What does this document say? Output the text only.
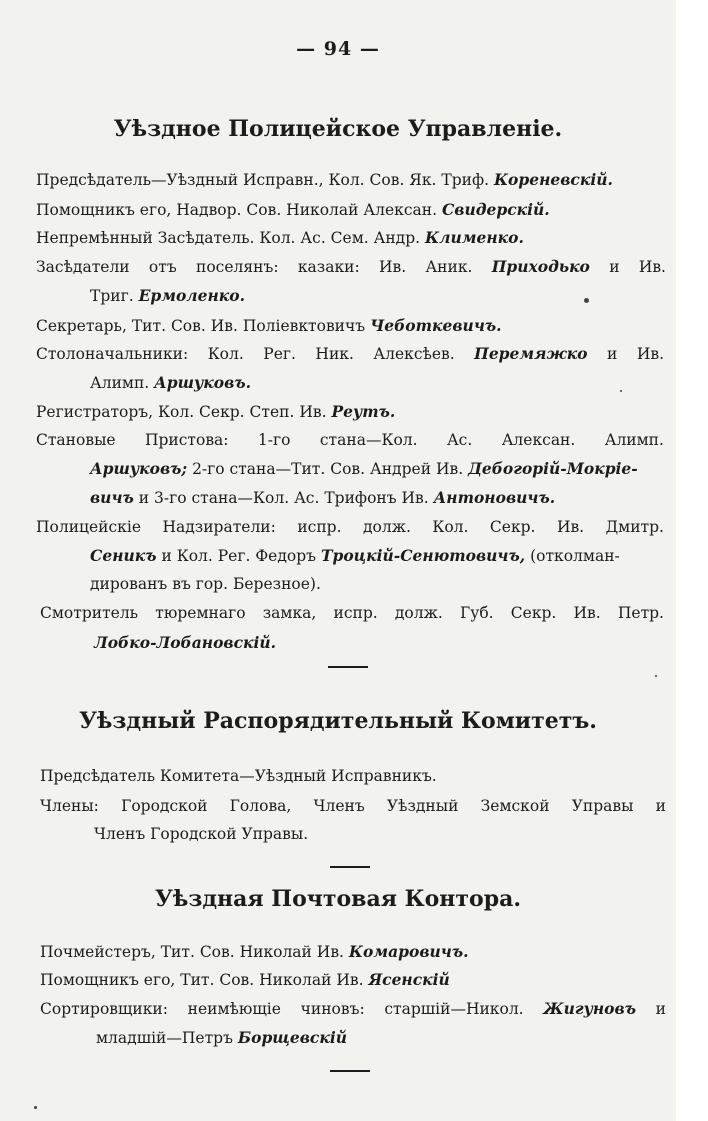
— 94 —
Уѣздное Полицейское Управленіе.
Предсѣдатель—Уѣздный Исправн., Кол. Сов. Як. Триф. Кореневскій.
Помощникъ его, Надвор. Сов. Николай Алексан. Свидерскій.
Непремѣнный Засѣдатель. Кол. Ас. Сем. Андр. Клименко.
Засѣдатели отъ поселянъ: казаки: Ив. Аник. Приходько и Ив.
Триг. Ермоленко.
Секретарь, Тит. Сов. Ив. Поліевктовичъ Чеботкевичъ.
Столоначальники: Кол. Рег. Ник. Алексѣев. Перемяжко и Ив.
Алимп. Аршуковъ.
Регистраторъ, Кол. Секр. Степ. Ив. Реутъ.
Становые Пристова: 1-го стана—Кол. Ас. Алексан. Алимп.
Аршуковъ; 2-го стана—Тит. Сов. Андрей Ив. Дебогорій-Мокріе-
вичъ и 3-го стана—Кол. Ас. Трифонъ Ив. Антоновичъ.
Полицейскіе Надзиратели: испр. долж. Кол. Секр. Ив. Дмитр.
Сеникъ и Кол. Рег. Федоръ Троцкій-Сенютовичъ, (отколман-
дированъ въ гор. Березное).
Смотритель тюремнаго замка, испр. долж. Губ. Секр. Ив. Петр.
Лобко-Лобановскій.
Уѣздный Распорядительный Комитетъ.
Предсѣдатель Комитета—Уѣздный Исправникъ.
Члены: Городской Голова, Членъ Уѣздный Земской Управы и
Членъ Городской Управы.
Уѣздная Почтовая Контора.
Почмейстеръ, Тит. Сов. Николай Ив. Комаровичъ.
Помощникъ его, Тит. Сов. Николай Ив. Ясенскій
Сортировщики: неимѣющіе чиновъ: старшій—Никол. Жигуновъ и
младшій—Петръ Борщевскій
